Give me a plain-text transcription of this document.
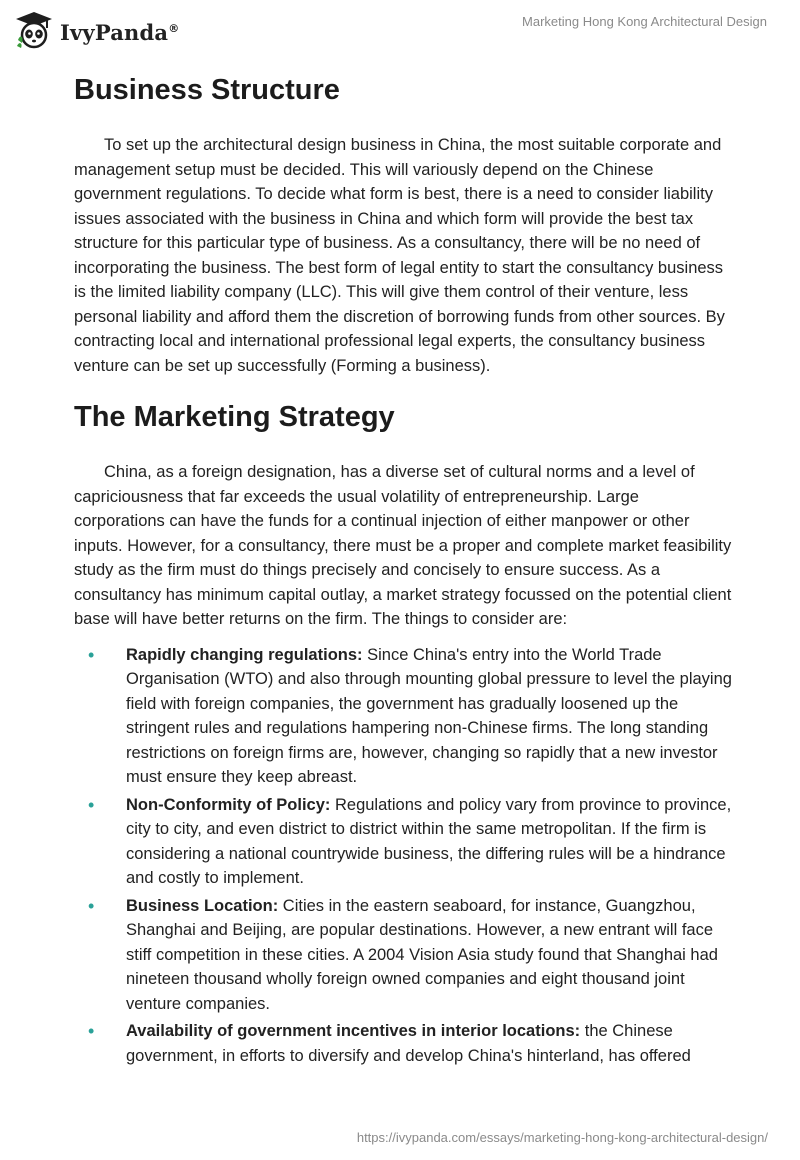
IvyPanda®	Marketing Hong Kong Architectural Design
Business Structure

To set up the architectural design business in China, the most suitable corporate and management setup must be decided. This will variously depend on the Chinese government regulations. To decide what form is best, there is a need to consider liability issues associated with the business in China and which form will provide the best tax structure for this particular type of business. As a consultancy, there will be no need of incorporating the business. The best form of legal entity to start the consultancy business is the limited liability company (LLC). This will give them control of their venture, less personal liability and afford them the discretion of borrowing funds from other sources. By contracting local and international professional legal experts, the consultancy business venture can be set up successfully (Forming a business).

The Marketing Strategy

China, as a foreign designation, has a diverse set of cultural norms and a level of capriciousness that far exceeds the usual volatility of entrepreneurship. Large corporations can have the funds for a continual injection of either manpower or other inputs. However, for a consultancy, there must be a proper and complete market feasibility study as the firm must do things precisely and concisely to ensure success. As a consultancy has minimum capital outlay, a market strategy focussed on the potential client base will have better returns on the firm. The things to consider are:

• Rapidly changing regulations: Since China's entry into the World Trade Organisation (WTO) and also through mounting global pressure to level the playing field with foreign companies, the government has gradually loosened up the stringent rules and regulations hampering non-Chinese firms. The long standing restrictions on foreign firms are, however, changing so rapidly that a new investor must ensure they keep abreast.
• Non-Conformity of Policy: Regulations and policy vary from province to province, city to city, and even district to district within the same metropolitan. If the firm is considering a national countrywide business, the differing rules will be a hindrance and costly to implement.
• Business Location: Cities in the eastern seaboard, for instance, Guangzhou, Shanghai and Beijing, are popular destinations. However, a new entrant will face stiff competition in these cities. A 2004 Vision Asia study found that Shanghai had nineteen thousand wholly foreign owned companies and eight thousand joint venture companies.
• Availability of government incentives in interior locations: the Chinese government, in efforts to diversify and develop China's hinterland, has offered
https://ivypanda.com/essays/marketing-hong-kong-architectural-design/
